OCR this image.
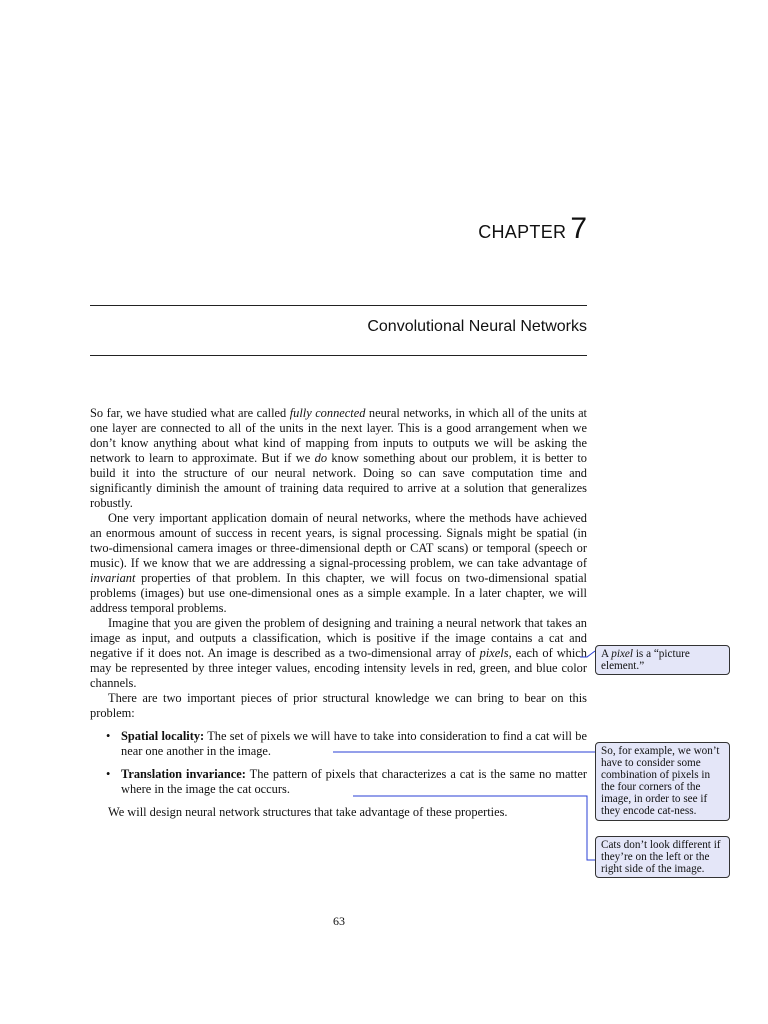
CHAPTER 7
Convolutional Neural Networks

So far, we have studied what are called fully connected neural networks, in which all of the units at one layer are connected to all of the units in the next layer. This is a good arrangement when we don’t know anything about what kind of mapping from inputs to outputs we will be asking the network to learn to approximate. But if we do know something about our problem, it is better to build it into the structure of our neural network. Doing so can save computation time and significantly diminish the amount of training data required to arrive at a solution that generalizes robustly.

One very important application domain of neural networks, where the methods have achieved an enormous amount of success in recent years, is signal processing. Signals might be spatial (in two-dimensional camera images or three-dimensional depth or CAT scans) or temporal (speech or music). If we know that we are addressing a signal-processing problem, we can take advantage of invariant properties of that problem. In this chapter, we will focus on two-dimensional spatial problems (images) but use one-dimensional ones as a simple example. In a later chapter, we will address temporal problems.

Imagine that you are given the problem of designing and training a neural network that takes an image as input, and outputs a classification, which is positive if the image contains a cat and negative if it does not. An image is described as a two-dimensional array of pixels, each of which may be represented by three integer values, encoding intensity levels in red, green, and blue color channels.

There are two important pieces of prior structural knowledge we can bring to bear on this problem:

• Spatial locality: The set of pixels we will have to take into consideration to find a cat will be near one another in the image.
• Translation invariance: The pattern of pixels that characterizes a cat is the same no matter where in the image the cat occurs.

We will design neural network structures that take advantage of these properties.

A pixel is a “picture element.”
So, for example, we won’t have to consider some combination of pixels in the four corners of the image, in order to see if they encode cat-ness.
Cats don’t look different if they’re on the left or the right side of the image.
63
